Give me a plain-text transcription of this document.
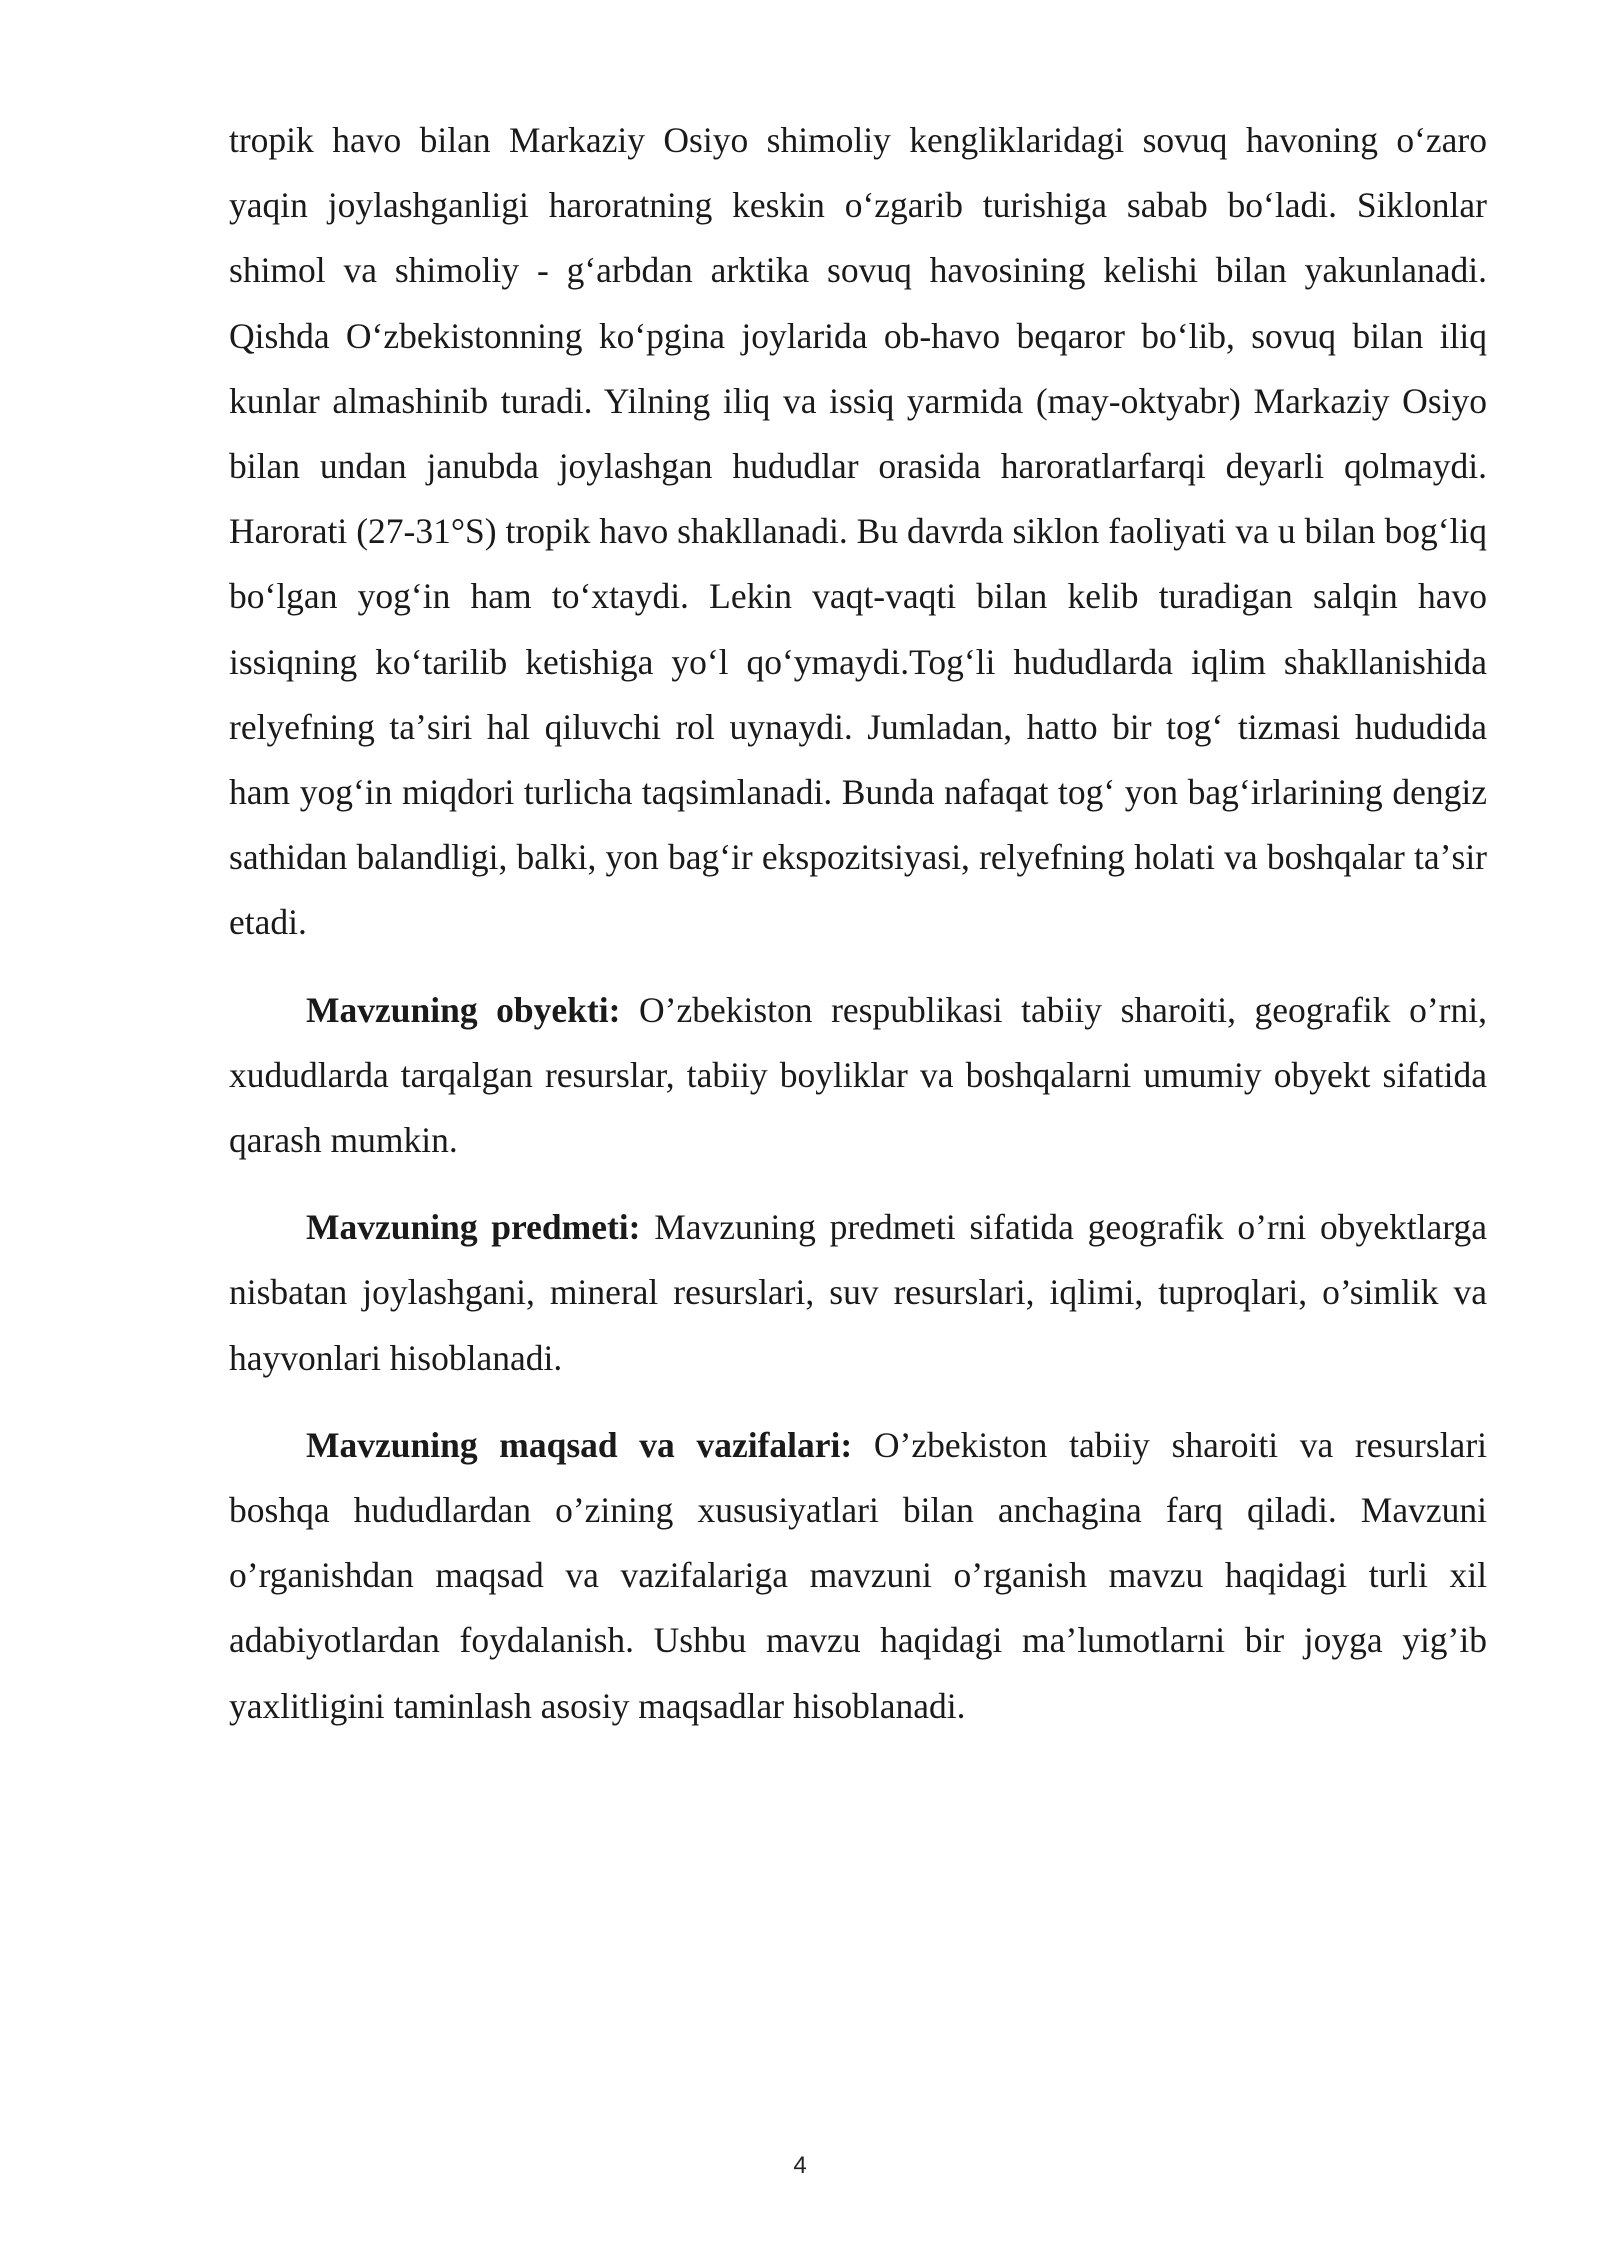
tropik havo bilan Markaziy Osiyo shimoliy kengliklaridagi sovuq havoning oʻzaro yaqin joylashganligi haroratning keskin oʻzgarib turishiga sabab boʻladi. Siklonlar shimol va shimoliy - gʻarbdan arktika sovuq havosining kelishi bilan yakunlanadi. Qishda Oʻzbekistonning koʻpgina joylarida ob-havo beqaror boʻlib, sovuq bilan iliq kunlar almashinib turadi. Yilning iliq va issiq yarmida (may-oktyabr) Markaziy Osiyo bilan undan janubda joylashgan hududlar orasida haroratlarfarqi deyarli qolmaydi. Harorati (27-31°S) tropik havo shakllanadi. Bu davrda siklon faoliyati va u bilan bogʻliq boʻlgan yogʻin ham toʻxtaydi. Lekin vaqt-vaqti bilan kelib turadigan salqin havo issiqning koʻtarilib ketishiga yoʻl qoʻymaydi.Togʻli hududlarda iqlim shakllanishida relyefning taʼsiri hal qiluvchi rol uynaydi. Jumladan, hatto bir togʻ tizmasi hududida ham yogʻin miqdori turlicha taqsimlanadi. Bunda nafaqat togʻ yon bagʻirlarining dengiz sathidan balandligi, balki, yon bagʻir ekspozitsiyasi, relyefning holati va boshqalar taʼsir etadi.

Mavzuning obyekti: O’zbekiston respublikasi tabiiy sharoiti, geografik o’rni, xududlarda tarqalgan resurslar, tabiiy boyliklar va boshqalarni umumiy obyekt sifatida qarash mumkin.

Mavzuning predmeti: Mavzuning predmeti sifatida geografik o’rni obyektlarga nisbatan joylashgani, mineral resurslari, suv resurslari, iqlimi, tuproqlari, o’simlik va hayvonlari hisoblanadi.

Mavzuning maqsad va vazifalari: O’zbekiston tabiiy sharoiti va resurslari boshqa hududlardan o’zining xususiyatlari bilan anchagina farq qiladi. Mavzuni o’rganishdan maqsad va vazifalariga mavzuni o’rganish mavzu haqidagi turli xil adabiyotlardan foydalanish. Ushbu mavzu haqidagi ma’lumotlarni bir joyga yig’ib yaxlitligini taminlash asosiy maqsadlar hisoblanadi.

4
